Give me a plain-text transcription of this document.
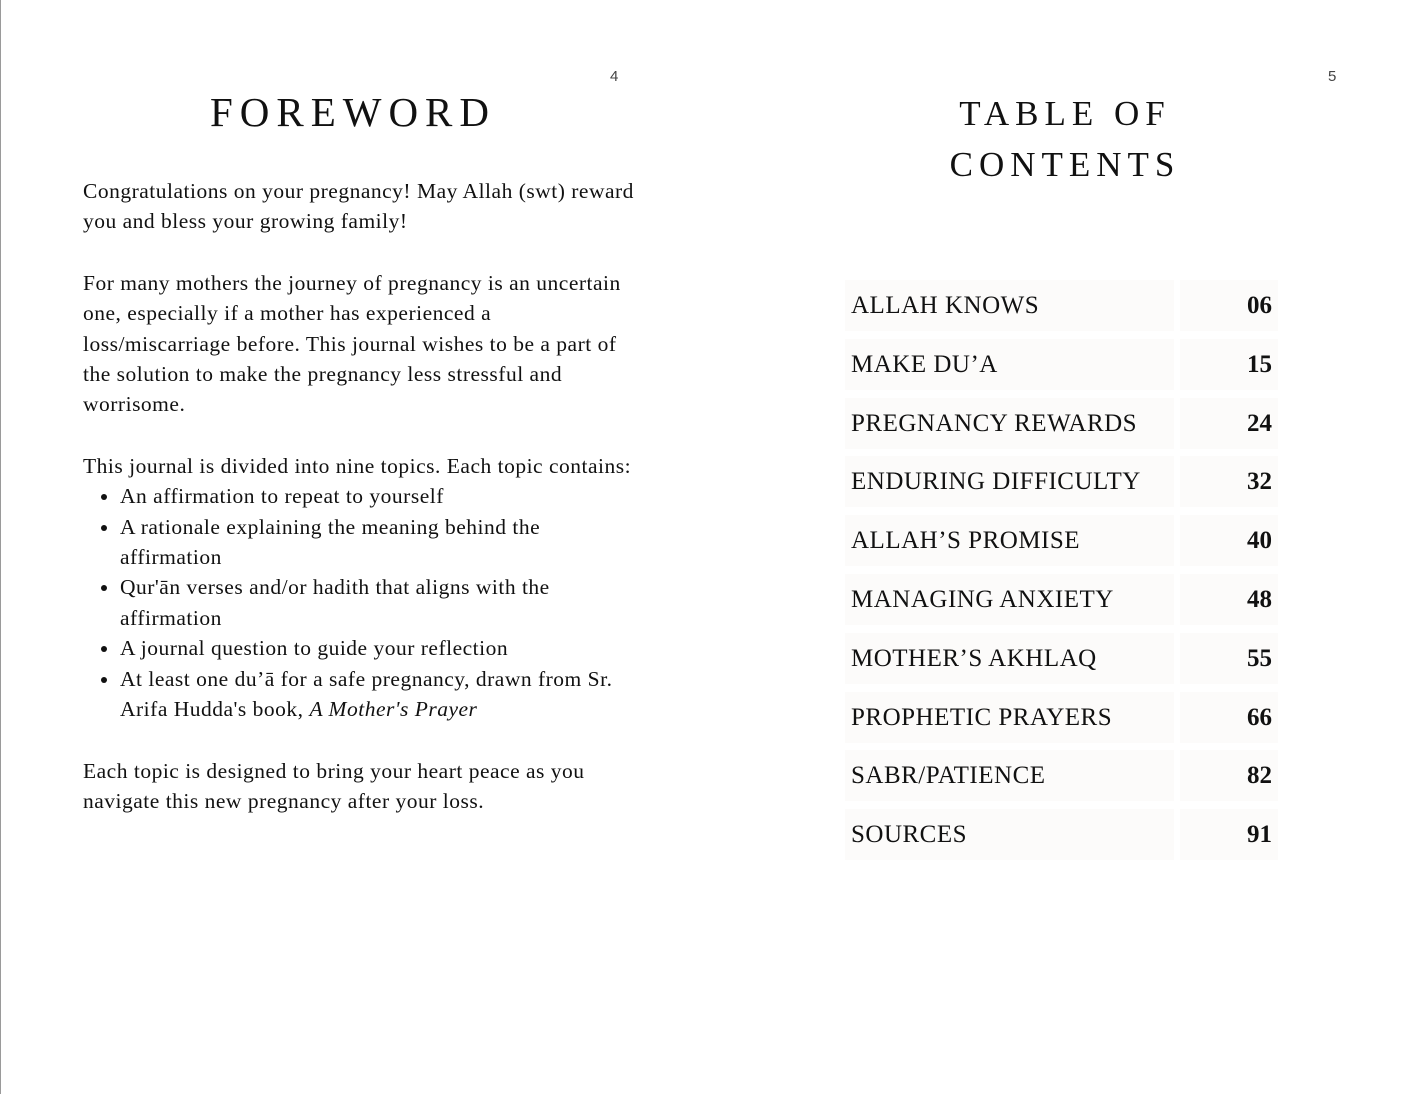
4
FOREWORD

Congratulations on your pregnancy! May Allah (swt) reward you and bless your growing family!

For many mothers the journey of pregnancy is an uncertain one, especially if a mother has experienced a loss/miscarriage before. This journal wishes to be a part of the solution to make the pregnancy less stressful and worrisome.

This journal is divided into nine topics. Each topic contains:

• An affirmation to repeat to yourself
• A rationale explaining the meaning behind the affirmation
• Qur'ān verses and/or hadith that aligns with the affirmation
• A journal question to guide your reflection
• At least one du’ā for a safe pregnancy, drawn from Sr. Arifa Hudda's book, A Mother's Prayer

Each topic is designed to bring your heart peace as you navigate this new pregnancy after your loss.

5
TABLE OF
CONTENTS
ALLAH KNOWS	06
MAKE DU’A	15
PREGNANCY REWARDS	24
ENDURING DIFFICULTY	32
ALLAH’S PROMISE	40
MANAGING ANXIETY	48
MOTHER’S AKHLAQ	55
PROPHETIC PRAYERS	66
SABR/PATIENCE	82
SOURCES	91
